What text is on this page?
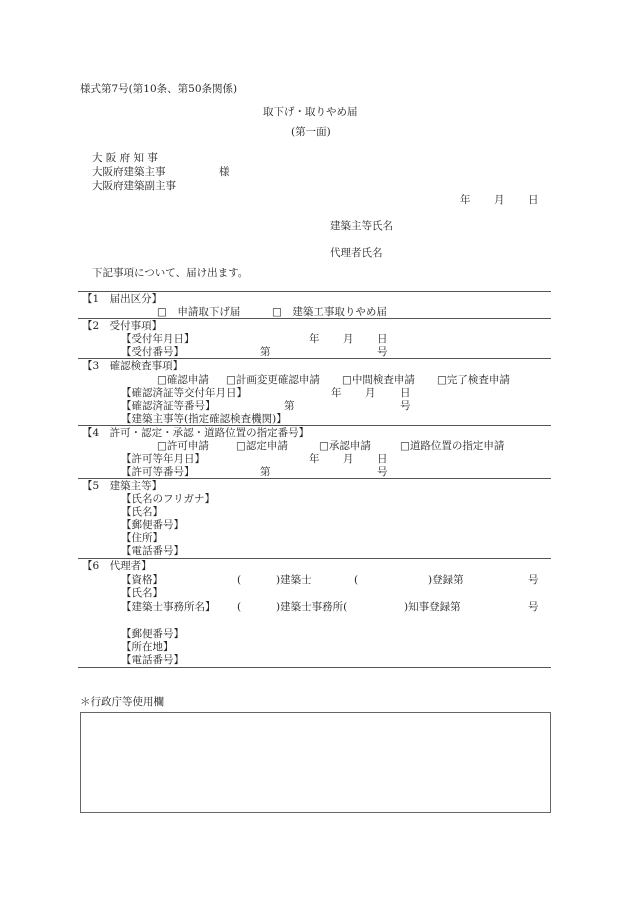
様式第7号(第10条、第50条関係)
取下げ・取りやめ届
(第一面)
大 阪 府 知 事
大阪府建築主事	様
大阪府建築副主事
年 月 日
建築主等氏名
代理者氏名
下記事項について、届け出ます。
【1　届出区分】
□　申請取下げ届	□　建築工事取りやめ届
【2　受付事項】
【受付年月日】	年 月 日
【受付番号】	第	号
【3　確認検査事項】
□確認申請 □計画変更確認申請 □中間検査申請 □完了検査申請
【確認済証等交付年月日】	年 月 日
【確認済証等番号】	第	号
【建築主事等(指定確認検査機関)】
【4　許可・認定・承認・道路位置の指定番号】
□許可申請	□認定申請	□承認申請	□道路位置の指定申請
【許可等年月日】	年 月 日
【許可等番号】	第	号
【5　建築主等】
【氏名のフリガナ】
【氏名】
【郵便番号】
【住所】
【電話番号】
【6　代理者】
【資格】	(	)建築士	(	)登録第	号
【氏名】
【建築士事務所名】 (	)建築士事務所(	)知事登録第	号
【郵便番号】
【所在地】
【電話番号】
＊行政庁等使用欄
